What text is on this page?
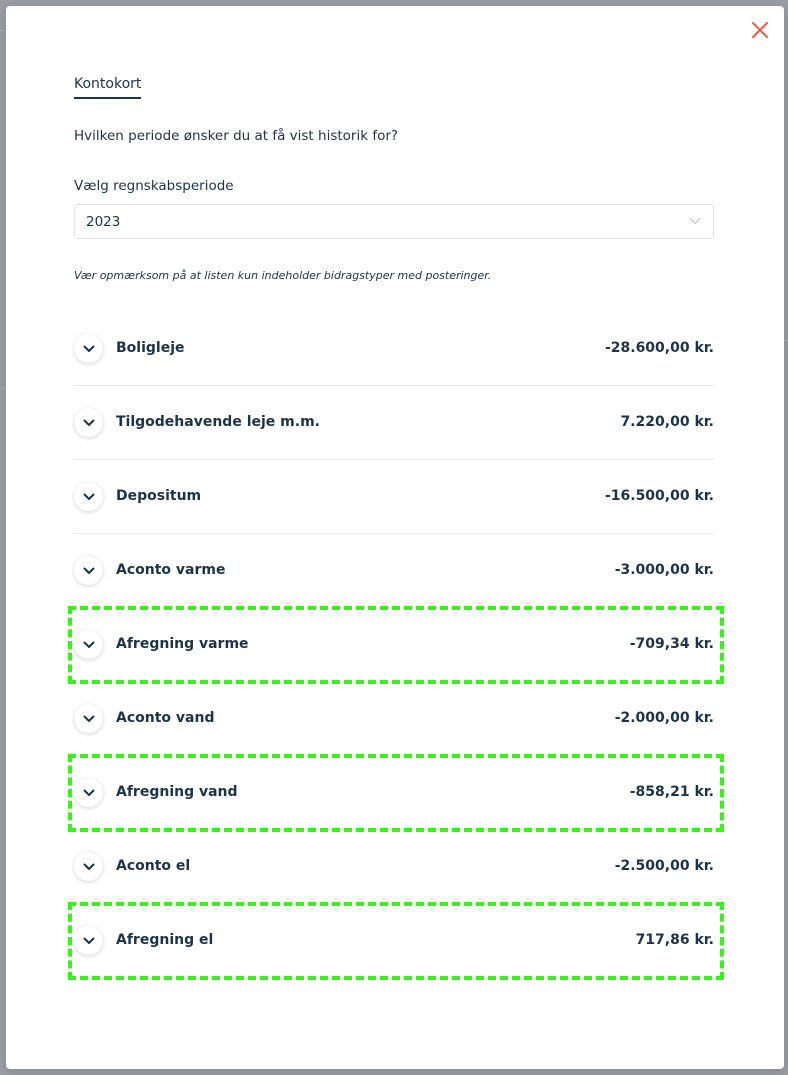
Kontokort
Hvilken periode ønsker du at få vist historik for?
Vælg regnskabsperiode
2023
Vær opmærksom på at listen kun indeholder bidragstyper med posteringer.
Boligleje	-28.600,00 kr.
Tilgodehavende leje m.m.	7.220,00 kr.
Depositum	-16.500,00 kr.
Aconto varme	-3.000,00 kr.
Afregning varme	-709,34 kr.
Aconto vand	-2.000,00 kr.
Afregning vand	-858,21 kr.
Aconto el	-2.500,00 kr.
Afregning el	717,86 kr.
